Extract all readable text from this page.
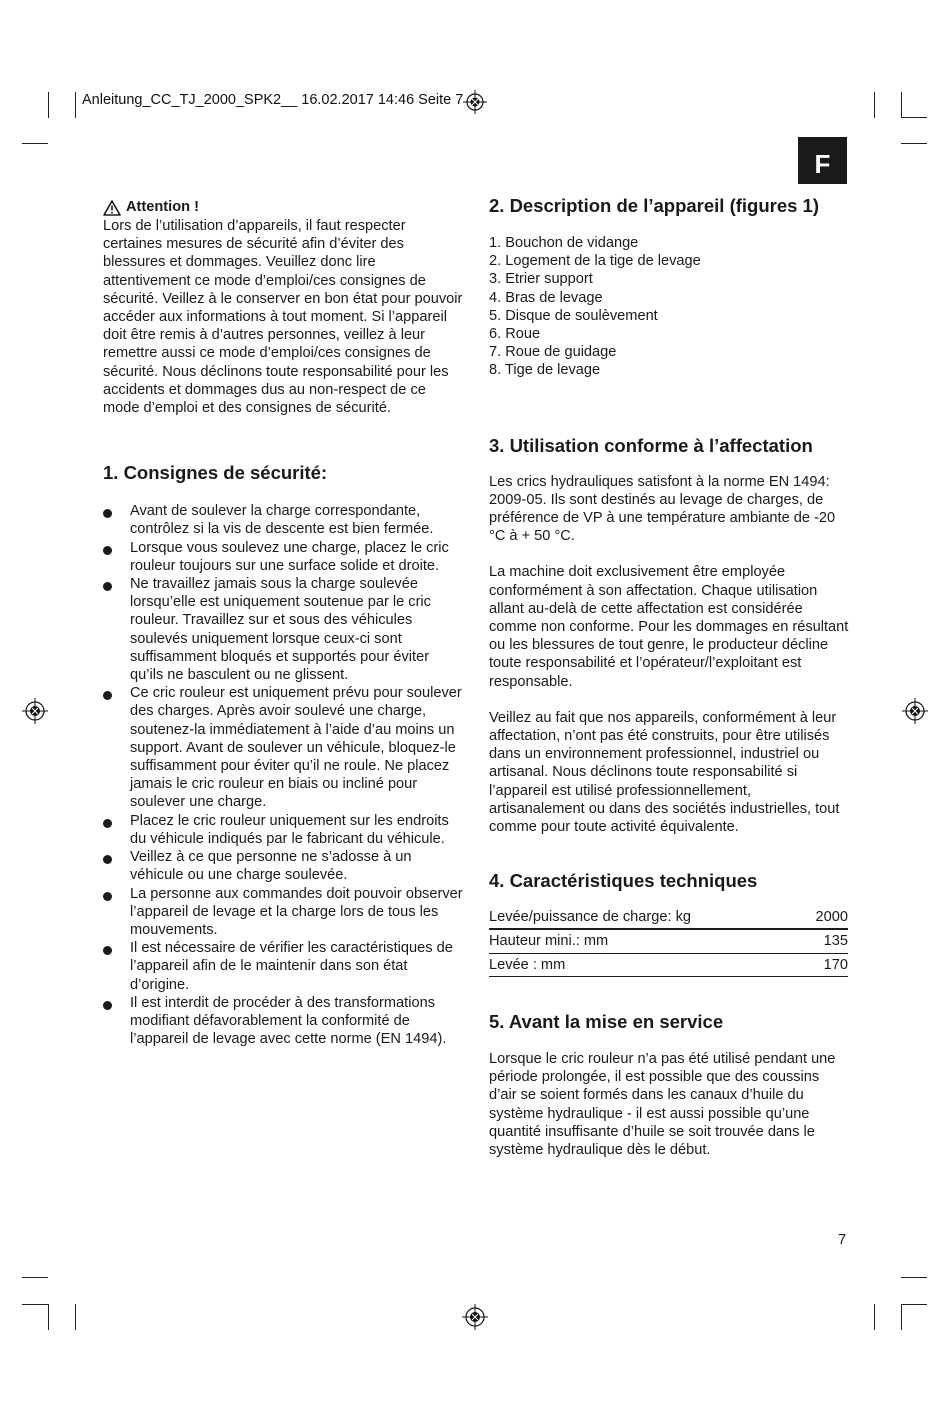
Anleitung_CC_TJ_2000_SPK2__ 16.02.2017 14:46 Seite 7
F
Attention !

Lors de l’utilisation d’appareils, il faut respecter certaines mesures de sécurité afin d’éviter des blessures et dommages. Veuillez donc lire attentivement ce mode d’emploi/ces consignes de sécurité. Veillez à le conserver en bon état pour pouvoir accéder aux informations à tout moment. Si l’appareil doit être remis à d’autres personnes, veillez à leur remettre aussi ce mode d’emploi/ces consignes de sécurité. Nous déclinons toute responsabilité pour les accidents et dommages dus au non-respect de ce mode d’emploi et des consignes de sécurité.

1. Consignes de sécurité:
Avant de soulever la charge correspondante, contrôlez si la vis de descente est bien fermée.
Lorsque vous soulevez une charge, placez le cric rouleur toujours sur une surface solide et droite.
Ne travaillez jamais sous la charge soulevée lorsqu’elle est uniquement soutenue par le cric rouleur. Travaillez sur et sous des véhicules soulevés uniquement lorsque ceux-ci sont suffisamment bloqués et supportés pour éviter qu’ils ne basculent ou ne glissent.
Ce cric rouleur est uniquement prévu pour soulever des charges. Après avoir soulevé une charge, soutenez-la immédiatement à l’aide d’au moins un support. Avant de soulever un véhicule, bloquez-le suffisamment pour éviter qu’il ne roule. Ne placez jamais le cric rouleur en biais ou incliné pour soulever une charge.
Placez le cric rouleur uniquement sur les endroits du véhicule indiqués par le fabricant du véhicule.
Veillez à ce que personne ne s’adosse à un véhicule ou une charge soulevée.
La personne aux commandes doit pouvoir observer l’appareil de levage et la charge lors de tous les mouvements.
Il est nécessaire de vérifier les caractéristiques de l’appareil afin de le maintenir dans son état d’origine.
Il est interdit de procéder à des transformations modifiant défavorablement la conformité de l’appareil de levage avec cette norme (EN 1494).
2. Description de l’appareil (figures 1)
1. Bouchon de vidange
2. Logement de la tige de levage
3. Etrier support
4. Bras de levage
5. Disque de soulèvement
6. Roue
7. Roue de guidage
8. Tige de levage
3. Utilisation conforme à l’affectation

Les crics hydrauliques satisfont à la norme EN 1494: 2009-05. Ils sont destinés au levage de charges, de préférence de VP à une température ambiante de -20 °C à + 50 °C.

La machine doit exclusivement être employée conformément à son affectation. Chaque utilisation allant au-delà de cette affectation est considérée comme non conforme. Pour les dommages en résultant ou les blessures de tout genre, le producteur décline toute responsabilité et l’opérateur/l’exploitant est responsable.

Veillez au fait que nos appareils, conformément à leur affectation, n’ont pas été construits, pour être utilisés dans un environnement professionnel, industriel ou artisanal. Nous déclinons toute responsabilité si l’appareil est utilisé professionnellement, artisanalement ou dans des sociétés industrielles, tout comme pour toute activité équivalente.

4. Caractéristiques techniques
Levée/puissance de charge: kg	2000
Hauteur mini.: mm	135
Levée : mm	170
5. Avant la mise en service

Lorsque le cric rouleur n’a pas été utilisé pendant une période prolongée, il est possible que des coussins d’air se soient formés dans les canaux d’huile du système hydraulique - il est aussi possible qu’une quantité insuffisante d’huile se soit trouvée dans le système hydraulique dès le début.

7
